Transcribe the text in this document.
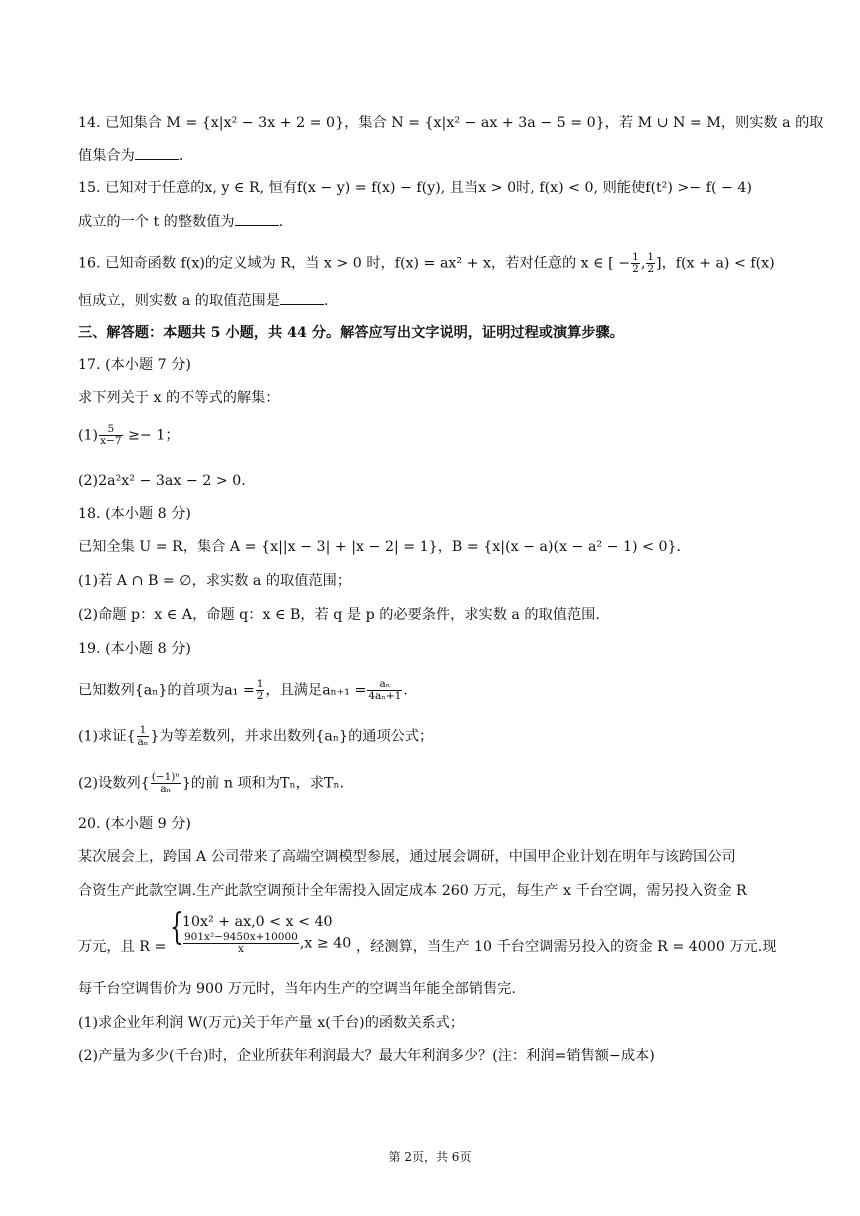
14. 已知集合 M = {x|x² − 3x + 2 = 0}，集合 N = {x|x² − ax + 3a − 5 = 0}，若 M ∪ N = M，则实数 a 的取
值集合为	.
15. 已知对于任意的x, y ∈ R, 恒有f(x − y) = f(x) − f(y), 且当x > 0时, f(x) < 0, 则能使f(t²) >− f( − 4)
成立的一个 t 的整数值为	.
16. 已知奇函数 f(x)的定义域为 R，当 x > 0 时，f(x) = ax² + x，若对任意的 x ∈ [ − $\frac{1}{2}$ , $\frac{1}{2}$ ]，f(x + a) < f(x)
恒成立，则实数 a 的取值范围是	.
三、解答题：本题共 5 小题，共 44 分。解答应写出文字说明，证明过程或演算步骤。
17. (本小题 7 分)
求下列关于 x 的不等式的解集：
$(1) \frac{5}{x-7} \ge- 1$；
(2)2a²x² − 3ax − 2 > 0.
18. (本小题 8 分)
已知全集 U = R，集合 A = {x||x − 3| + |x − 2| = 1}，B = {x|(x − a)(x − a² − 1) < 0}.
(1)若 A ∩ B = ∅，求实数 a 的取值范围；
(2)命题 p：x ∈ A，命题 q：x ∈ B，若 q 是 p 的必要条件，求实数 a 的取值范围.
19. (本小题 8 分)
已知数列{aₙ}的首项为$a_1 = \frac{1}{2}$ ，且满足$a_{n+1} = \frac{\text{aₙ}}{\text{4aₙ+1}}$ .
(1)求证{ $\frac{1}{\text{aₙ}}$ }为等差数列，并求出数列{aₙ}的通项公式；
(2)设数列{ $\frac{\text{(−1)ⁿ}}{\text{aₙ}}$ }的前 n 项和为Tₙ，求Tₙ.
20. (本小题 9 分)
某次展会上，跨国 A 公司带来了高端空调模型参展，通过展会调研，中国甲企业计划在明年与该跨国公司
合资生产此款空调.生产此款空调预计全年需投入固定成本 260 万元，每生产 x 千台空调，需另投入资金 R
万元，且 R = {
10x² + ax,0 < x < 40
$\frac{\text{901x²−9450x+10000}}{x} ,x \ge 40$ ，经测算，当生产 10 千台空调需另投入的资金 R = 4000 万元.现
每千台空调售价为 900 万元时，当年内生产的空调当年能全部销售完.
(1)求企业年利润 W(万元)关于年产量 x(千台)的函数关系式；
(2)产量为多少(千台)时，企业所获年利润最大？最大年利润多少？(注：利润=销售额−成本)
第 2页，共 6页
